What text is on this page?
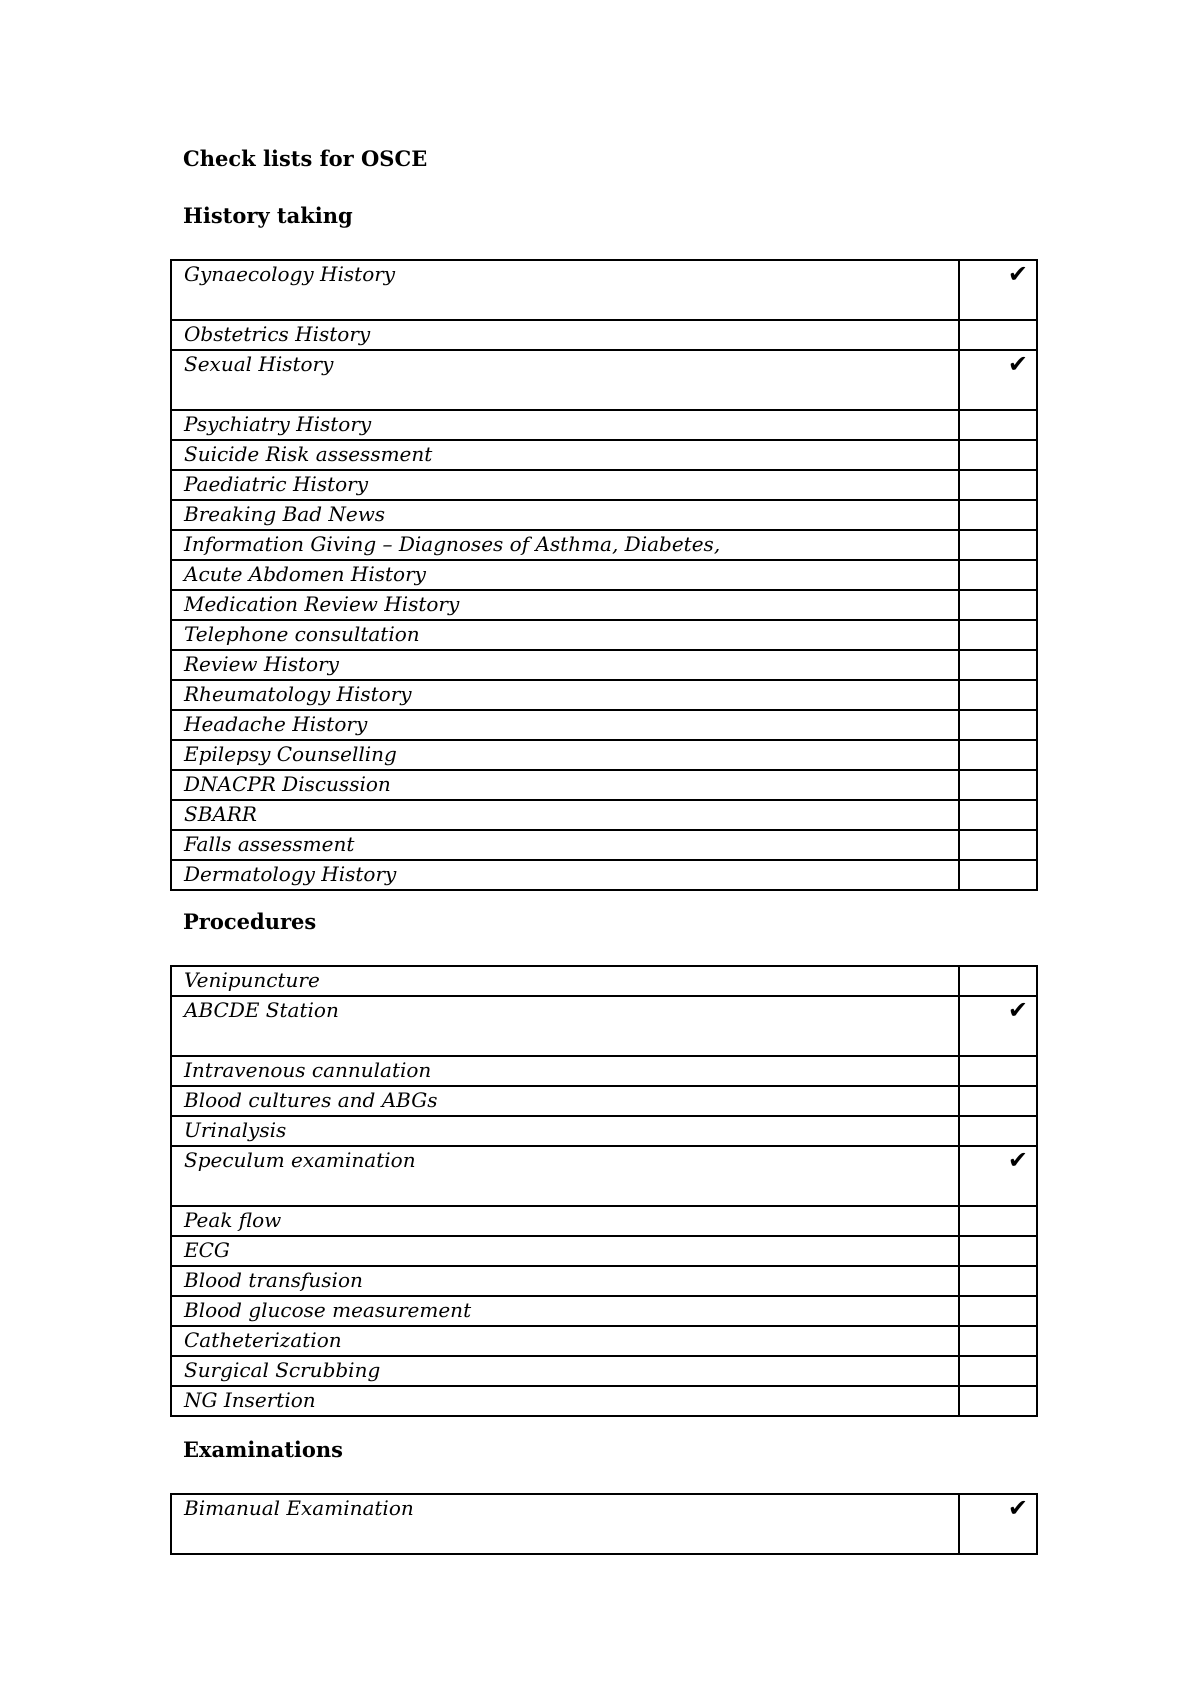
Check lists for OSCE
History taking
Gynaecology History	✔
Obstetrics History	
Sexual History	✔
Psychiatry History	
Suicide Risk assessment	
Paediatric History	
Breaking Bad News	
Information Giving – Diagnoses of Asthma, Diabetes,	
Acute Abdomen History	
Medication Review History	
Telephone consultation	
Review History	
Rheumatology History	
Headache History	
Epilepsy Counselling	
DNACPR Discussion	
SBARR	
Falls assessment	
Dermatology History	
Procedures
Venipuncture	
ABCDE Station	✔
Intravenous cannulation	
Blood cultures and ABGs	
Urinalysis	
Speculum examination	✔
Peak flow	
ECG	
Blood transfusion	
Blood glucose measurement	
Catheterization	
Surgical Scrubbing	
NG Insertion	
Examinations
Bimanual Examination	✔
